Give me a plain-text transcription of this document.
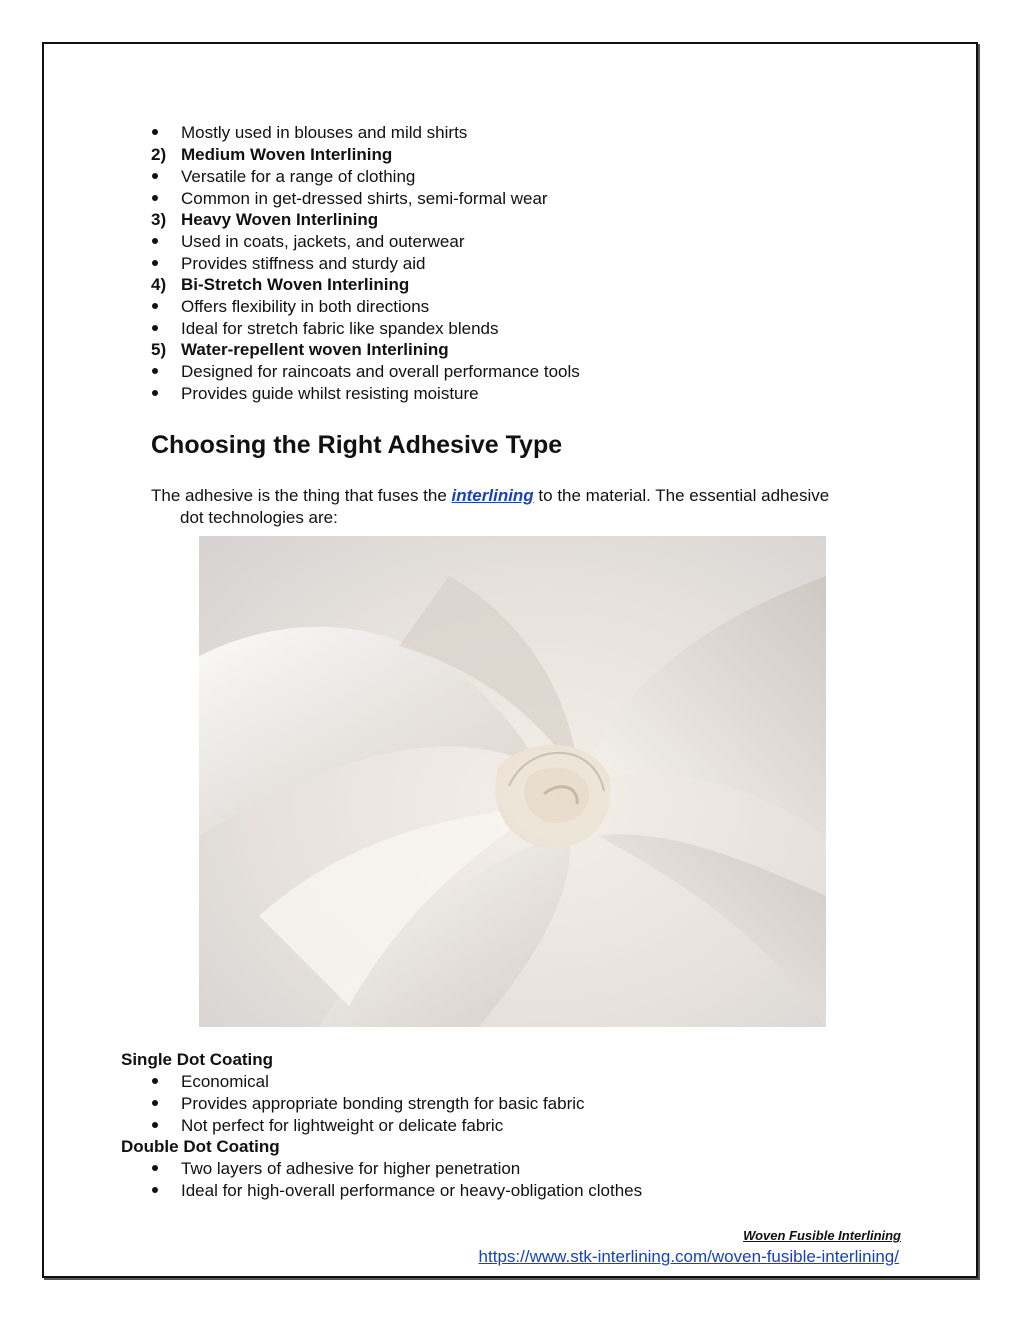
Mostly used in blouses and mild shirts
2) Medium Woven Interlining
Versatile for a range of clothing
Common in get-dressed shirts, semi-formal wear
3) Heavy Woven Interlining
Used in coats, jackets, and outerwear
Provides stiffness and sturdy aid
4) Bi-Stretch Woven Interlining
Offers flexibility in both directions
Ideal for stretch fabric like spandex blends
5) Water-repellent woven Interlining
Designed for raincoats and overall performance tools
Provides guide whilst resisting moisture
Choosing the Right Adhesive Type
The adhesive is the thing that fuses the interlining to the material. The essential adhesive
dot technologies are:
Single Dot Coating
Economical
Provides appropriate bonding strength for basic fabric
Not perfect for lightweight or delicate fabric
Double Dot Coating
Two layers of adhesive for higher penetration
Ideal for high-overall performance or heavy-obligation clothes
Woven Fusible Interlining
https://www.stk-interlining.com/woven-fusible-interlining/
